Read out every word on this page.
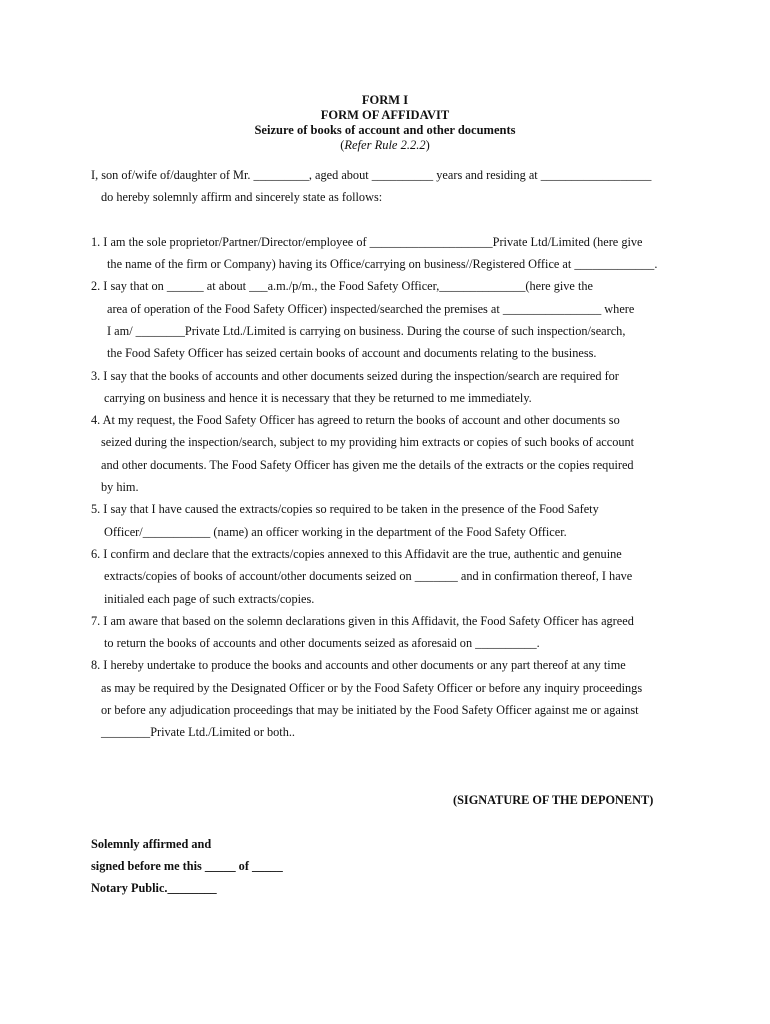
FORM I
FORM OF AFFIDAVIT
Seizure of books of account and other documents
(Refer Rule 2.2.2)
I, son of/wife of/daughter of Mr. _________, aged about __________ years and residing at __________________
do hereby solemnly affirm and sincerely state as follows:
1. I am the sole proprietor/Partner/Director/employee of ____________________Private Ltd/Limited (here give
the name of the firm or Company) having its Office/carrying on business//Registered Office at _____________.
2. I say that on ______ at about ___a.m./p/m., the Food Safety Officer,______________(here give the
area of operation of the Food Safety Officer) inspected/searched the premises at ________________ where
I am/ ________Private Ltd./Limited is carrying on business. During the course of such inspection/search,
the Food Safety Officer has seized certain books of account and documents relating to the business.
3. I say that the books of accounts and other documents seized during the inspection/search are required for
carrying on business and hence it is necessary that they be returned to me immediately.
4. At my request, the Food Safety Officer has agreed to return the books of account and other documents so
seized during the inspection/search, subject to my providing him extracts or copies of such books of account
and other documents. The Food Safety Officer has given me the details of the extracts or the copies required
by him.
5. I say that I have caused the extracts/copies so required to be taken in the presence of the Food Safety
Officer/___________ (name) an officer working in the department of the Food Safety Officer.
6. I confirm and declare that the extracts/copies annexed to this Affidavit are the true, authentic and genuine
extracts/copies of books of account/other documents seized on _______ and in confirmation thereof, I have
initialed each page of such extracts/copies.
7. I am aware that based on the solemn declarations given in this Affidavit, the Food Safety Officer has agreed
to return the books of accounts and other documents seized as aforesaid on __________.
8. I hereby undertake to produce the books and accounts and other documents or any part thereof at any time
as may be required by the Designated Officer or by the Food Safety Officer or before any inquiry proceedings
or before any adjudication proceedings that may be initiated by the Food Safety Officer against me or against
________Private Ltd./Limited or both..
(SIGNATURE OF THE DEPONENT)
Solemnly affirmed and
signed before me this _____ of _____
Notary Public.________
